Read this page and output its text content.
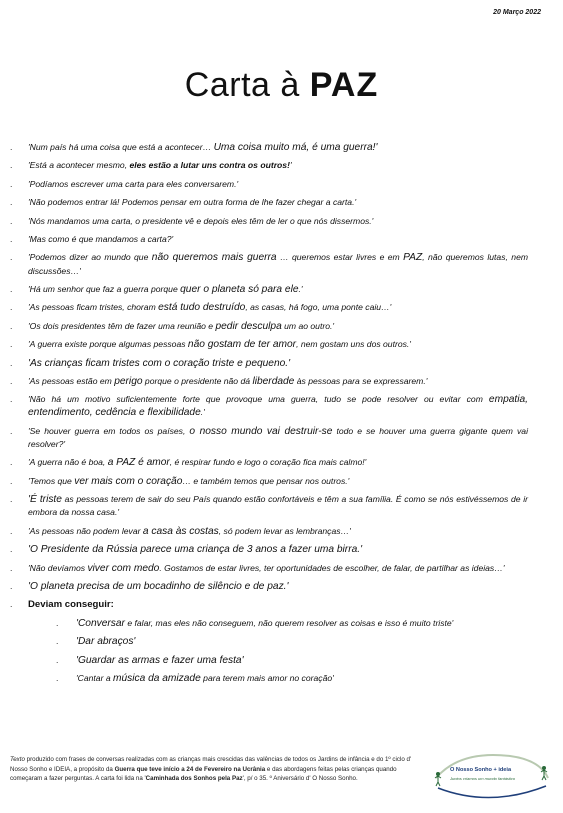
20 Março 2022
Carta à PAZ
.	'Num país há uma coisa que está a acontecer… Uma coisa muito má, é uma guerra!'
.	'Está a acontecer mesmo, eles estão a lutar uns contra os outros!'
.	'Podíamos escrever uma carta para eles conversarem.'
.	'Não podemos entrar lá! Podemos pensar em outra forma de lhe fazer chegar a carta.'
.	'Nós mandamos uma carta, o presidente vê e depois eles têm de ler o que nós dissermos.'
.	'Mas como é que mandamos a carta?'
.	'Podemos dizer ao mundo que não queremos mais guerra … queremos estar livres e em PAZ, não queremos lutas, nem discussões…'
.	'Há um senhor que faz a guerra porque quer o planeta só para ele.'
.	'As pessoas ficam tristes, choram está tudo destruído, as casas, há fogo, uma ponte caiu…'
.	'Os dois presidentes têm de fazer uma reunião e pedir desculpa um ao outro.'
.	'A guerra existe porque algumas pessoas não gostam de ter amor, nem gostam uns dos outros.'
.	'As crianças ficam tristes com o coração triste e pequeno.'
.	'As pessoas estão em perigo porque o presidente não dá liberdade às pessoas para se expressarem.'
.	'Não há um motivo suficientemente forte que provoque uma guerra, tudo se pode resolver ou evitar com empatia, entendimento, cedência e flexibilidade.'
.	'Se houver guerra em todos os países, o nosso mundo vai destruir-se todo e se houver uma guerra gigante quem vai resolver?'
.	'A guerra não é boa, a PAZ é amor, é respirar fundo e logo o coração fica mais calmo!'
.	'Temos que ver mais com o coração… e também temos que pensar nos outros.'
.	'É triste as pessoas terem de sair do seu País quando estão confortáveis e têm a sua família. É como se nós estivéssemos de ir embora da nossa casa.'
.	'As pessoas não podem levar a casa às costas, só podem levar as lembranças…'
.	'O Presidente da Rússia parece uma criança de 3 anos a fazer uma birra.'
.	'Não devíamos viver com medo. Gostamos de estar livres, ter oportunidades de escolher, de falar, de partilhar as ideias…'
.	'O planeta precisa de um bocadinho de silêncio e de paz.'
.	Deviam conseguir:
.	'Conversar e falar, mas eles não conseguem, não querem resolver as coisas e isso é muito triste'
.	'Dar abraços'
.	'Guardar as armas e fazer uma festa'
.	'Cantar a música da amizade para terem mais amor no coração'
Texto produzido com frases de conversas realizadas com as crianças mais crescidas das valências de todos os Jardins de infância e do 1º ciclo d' Nosso Sonho e IDEIA, a propósito da Guerra que teve início a 24 de Fevereiro na Ucrânia e das abordagens feitas pelas crianças quando começaram a fazer perguntas. A carta foi lida na 'Caminhada dos Sonhos pela Paz', p/ o 35. º Aniversário d' O Nosso Sonho.
O Nosso Sonho + ideia
Juntos criamos um mundo fantástico
